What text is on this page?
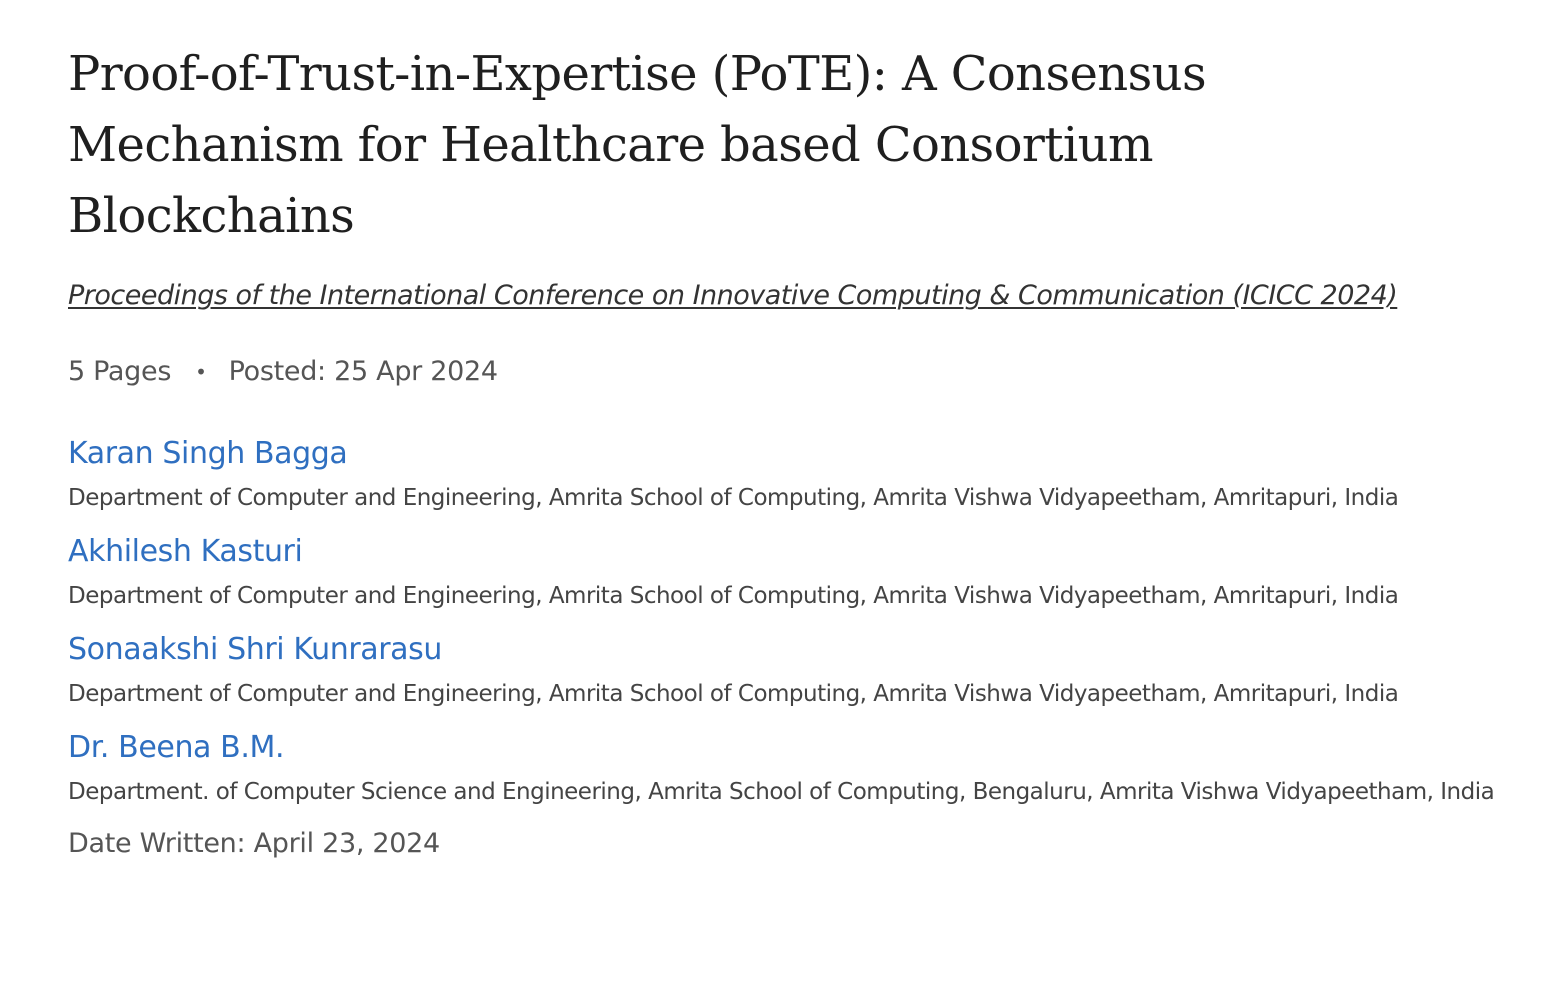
Proof-of-Trust-in-Expertise (PoTE): A Consensus Mechanism for Healthcare based Consortium Blockchains
Proceedings of the International Conference on Innovative Computing & Communication (ICICC 2024)
5 Pages • Posted: 25 Apr 2024
Karan Singh Bagga
Department of Computer and Engineering, Amrita School of Computing, Amrita Vishwa Vidyapeetham, Amritapuri, India
Akhilesh Kasturi
Department of Computer and Engineering, Amrita School of Computing, Amrita Vishwa Vidyapeetham, Amritapuri, India
Sonaakshi Shri Kunrarasu
Department of Computer and Engineering, Amrita School of Computing, Amrita Vishwa Vidyapeetham, Amritapuri, India
Dr. Beena B.M.
Department. of Computer Science and Engineering, Amrita School of Computing, Bengaluru, Amrita Vishwa Vidyapeetham, India
Date Written: April 23, 2024
